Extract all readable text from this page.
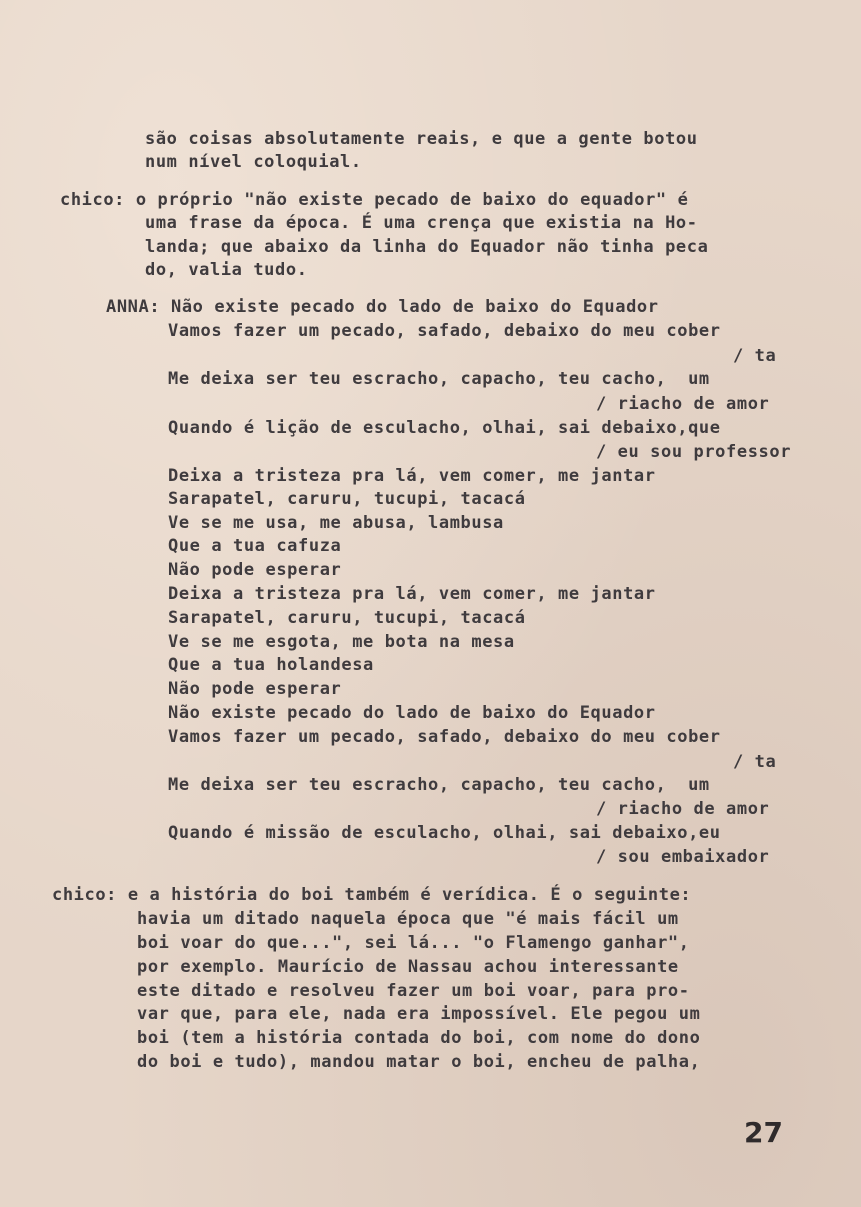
são coisas absolutamente reais, e que a gente botou
num nível coloquial.
chico: o próprio "não existe pecado de baixo do equador" é
uma frase da época. É uma crença que existia na Ho-
landa; que abaixo da linha do Equador não tinha peca
do, valia tudo.
ANNA: Não existe pecado do lado de baixo do Equador
Vamos fazer um pecado, safado, debaixo do meu cober
/ ta
Me deixa ser teu escracho, capacho, teu cacho,  um
/ riacho de amor
Quando é lição de esculacho, olhai, sai debaixo,que
/ eu sou professor
Deixa a tristeza pra lá, vem comer, me jantar
Sarapatel, caruru, tucupi, tacacá
Ve se me usa, me abusa, lambusa
Que a tua cafuza
Não pode esperar
Deixa a tristeza pra lá, vem comer, me jantar
Sarapatel, caruru, tucupi, tacacá
Ve se me esgota, me bota na mesa
Que a tua holandesa
Não pode esperar
Não existe pecado do lado de baixo do Equador
Vamos fazer um pecado, safado, debaixo do meu cober
/ ta
Me deixa ser teu escracho, capacho, teu cacho,  um
/ riacho de amor
Quando é missão de esculacho, olhai, sai debaixo,eu
/ sou embaixador
chico: e a história do boi também é verídica. É o seguinte:
havia um ditado naquela época que "é mais fácil um
boi voar do que...", sei lá... "o Flamengo ganhar",
por exemplo. Maurício de Nassau achou interessante
este ditado e resolveu fazer um boi voar, para pro-
var que, para ele, nada era impossível. Ele pegou um
boi (tem a história contada do boi, com nome do dono
do boi e tudo), mandou matar o boi, encheu de palha,
27
